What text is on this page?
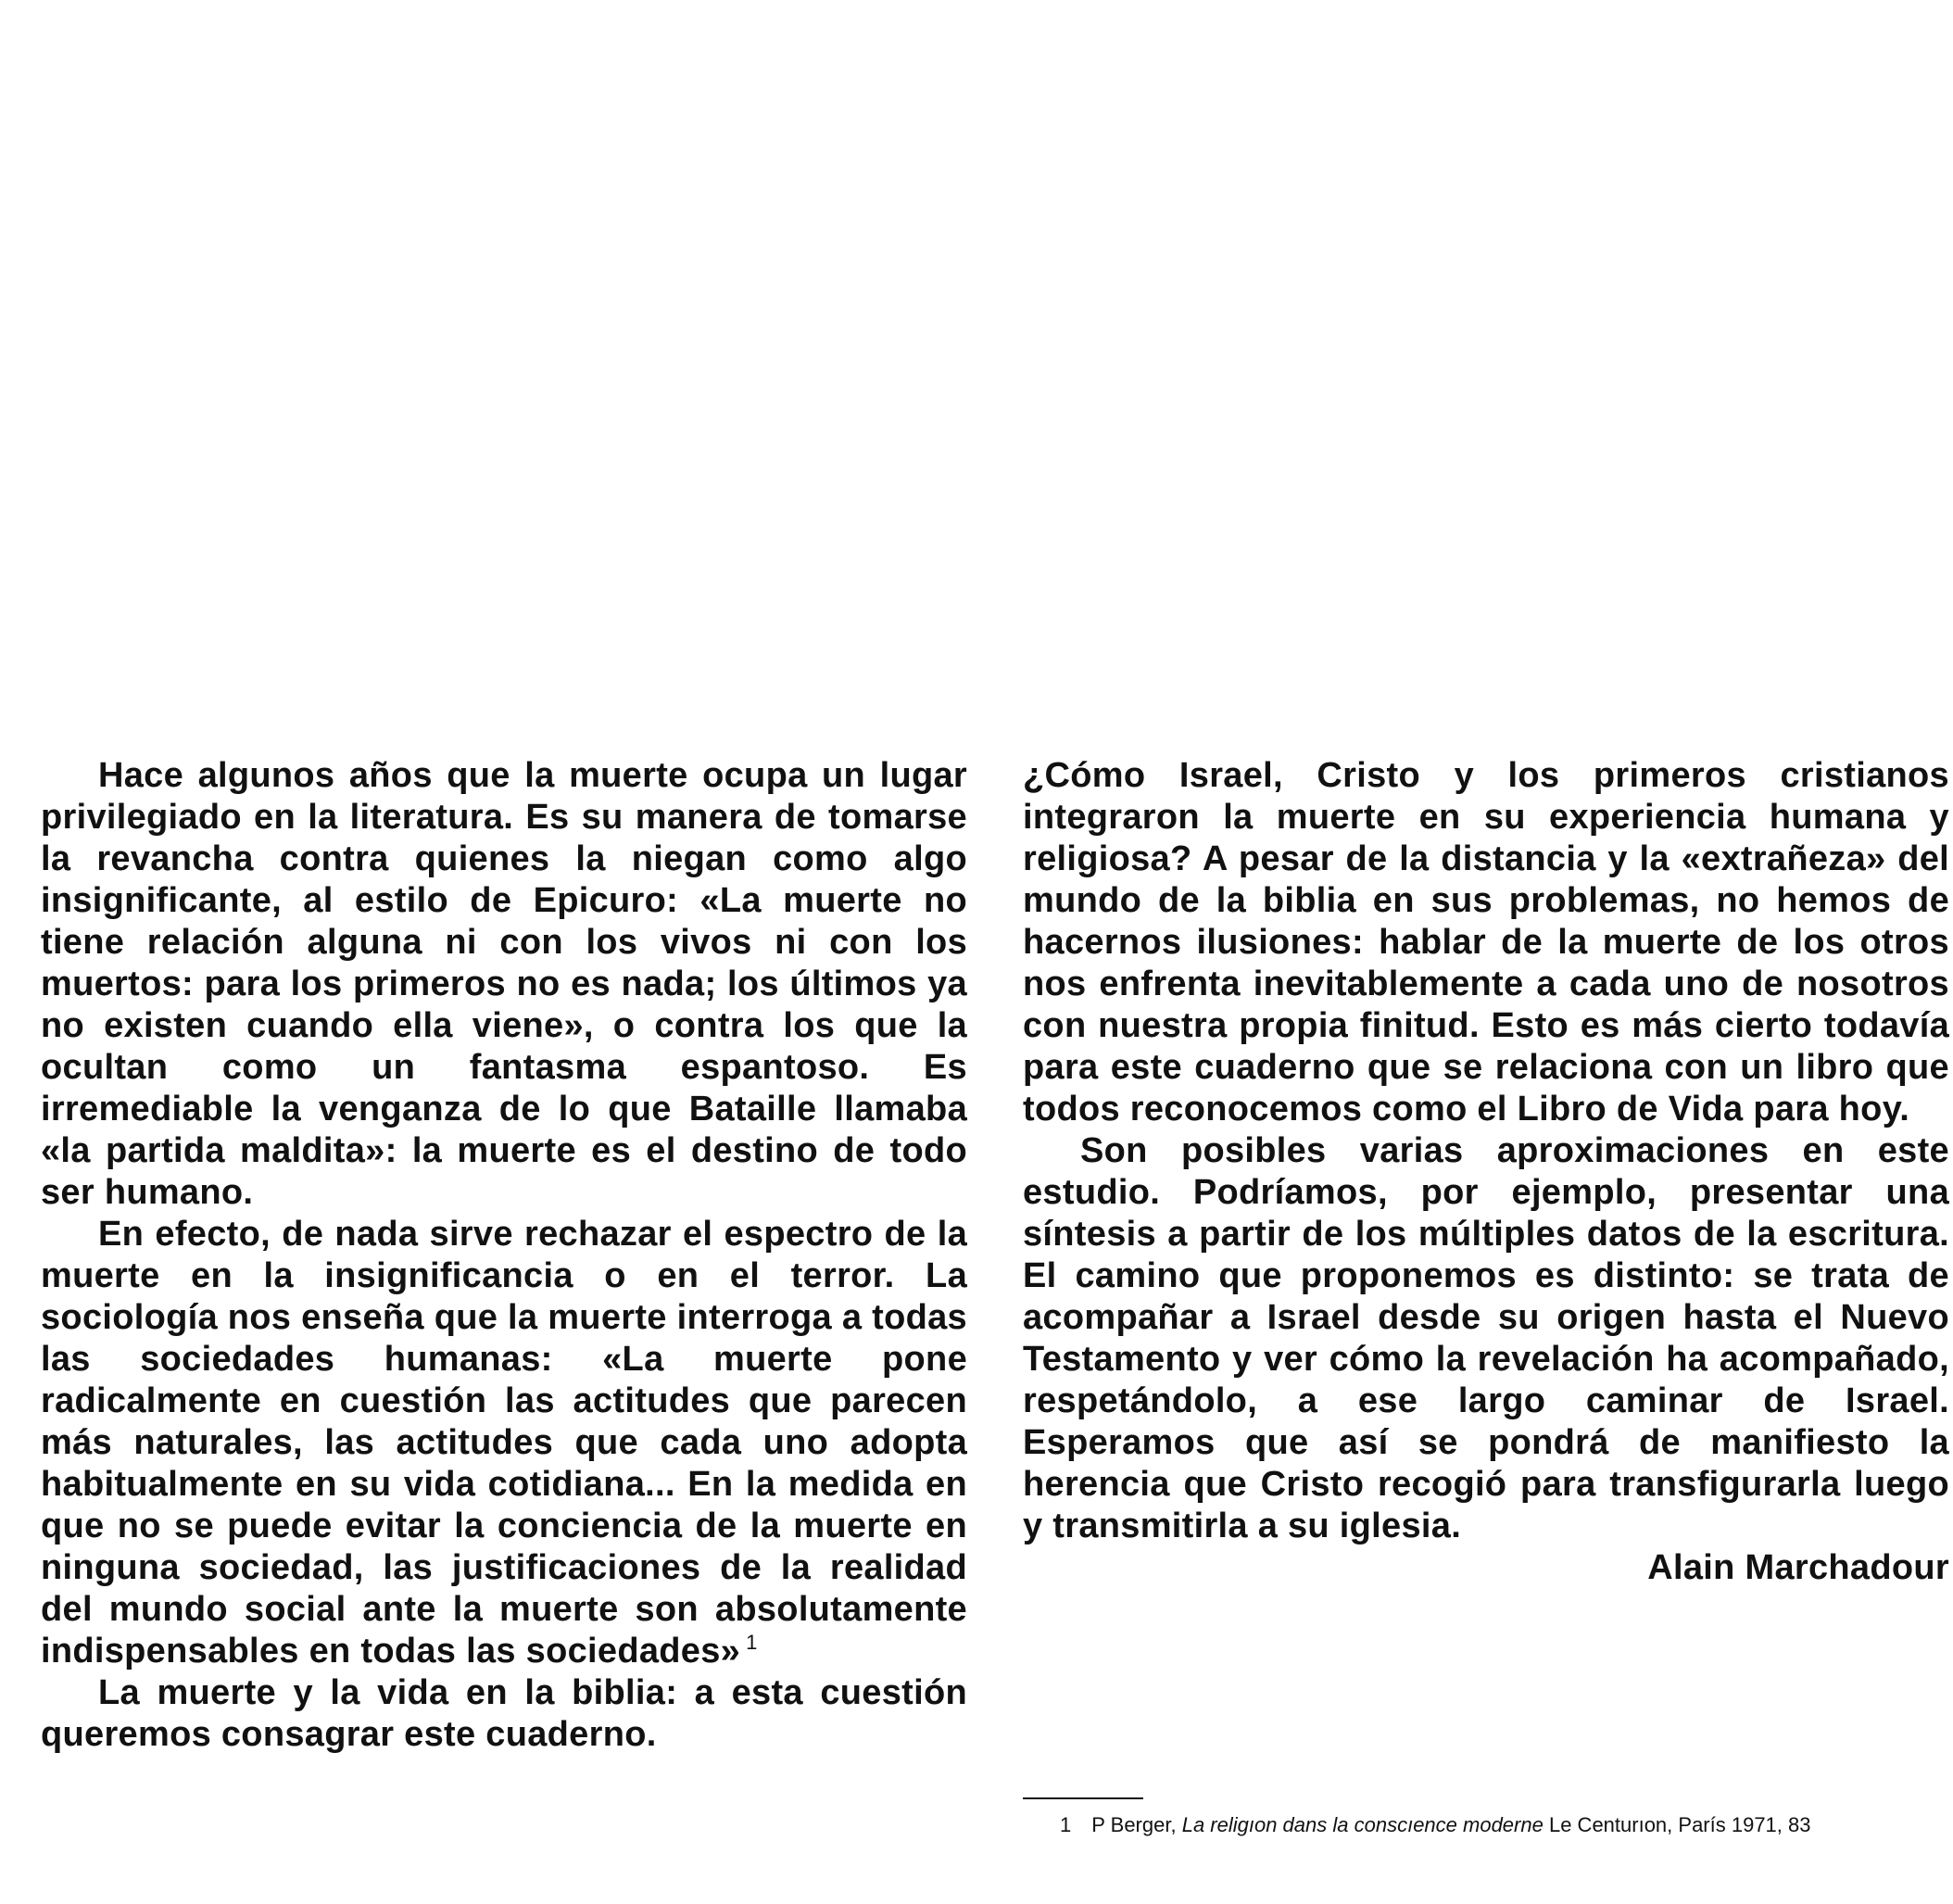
Hace algunos años que la muerte ocupa un lugar privilegiado en la literatura. Es su manera de tomarse la revancha contra quienes la niegan como algo insignificante, al estilo de Epicuro: «La muerte no tiene relación alguna ni con los vivos ni con los muertos: para los primeros no es nada; los últimos ya no existen cuando ella viene», o contra los que la ocultan como un fantasma espantoso. Es irremediable la venganza de lo que Bataille llamaba «la partida maldita»: la muerte es el destino de todo ser humano.

En efecto, de nada sirve rechazar el espectro de la muerte en la insignificancia o en el terror. La sociología nos enseña que la muerte interroga a todas las sociedades humanas: «La muerte pone radicalmente en cuestión las actitudes que parecen más naturales, las actitudes que cada uno adopta habitualmente en su vida cotidiana... En la medida en que no se puede evitar la conciencia de la muerte en ninguna sociedad, las justificaciones de la realidad del mundo social ante la muerte son absolutamente indispensables en todas las sociedades» $^1$

La muerte y la vida en la biblia: a esta cuestión queremos consagrar este cuaderno.

¿Cómo Israel, Cristo y los primeros cristianos integraron la muerte en su experiencia humana y religiosa? A pesar de la distancia y la «extrañeza» del mundo de la biblia en sus problemas, no hemos de hacernos ilusiones: hablar de la muerte de los otros nos enfrenta inevitablemente a cada uno de nosotros con nuestra propia finitud. Esto es más cierto todavía para este cuaderno que se relaciona con un libro que todos reconocemos como el Libro de Vida para hoy.

Son posibles varias aproximaciones en este estudio. Podríamos, por ejemplo, presentar una síntesis a partir de los múltiples datos de la escritura. El camino que proponemos es distinto: se trata de acompañar a Israel desde su origen hasta el Nuevo Testamento y ver cómo la revelación ha acompañado, respetándolo, a ese largo caminar de Israel. Esperamos que así se pondrá de manifiesto la herencia que Cristo recogió para transfigurarla luego y transmitirla a su iglesia.

Alain Marchadour

1 P Berger, La religıon dans la conscıence moderne Le Centurıon, París 1971, 83
